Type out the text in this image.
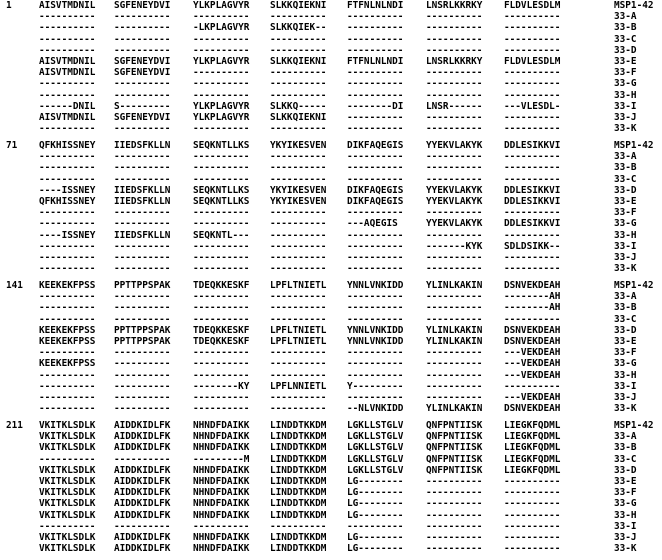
1	AISVTMDNIL SGFENEYDVI YLKPLAGVYR SLKKQIEKNI FTFNLNLNDI LNSRLKKRKY FLDVLESDLM	MSP1-42
---------- ---------- ---------- ---------- ---------- ---------- ----------	33-A
---------- ---------- -LKPLAGVYR SLKKQIEK-- ---------- ---------- ----------	33-B
---------- ---------- ---------- ---------- ---------- ---------- ----------	33-C
---------- ---------- ---------- ---------- ---------- ---------- ----------	33-D
AISVTMDNIL SGFENEYDVI YLKPLAGVYR SLKKQIEKNI FTFNLNLNDI LNSRLKKRKY FLDVLESDLM	33-E
AISVTMDNIL SGFENEYDVI ---------- ---------- ---------- ---------- ----------	33-F
---------- ---------- ---------- ---------- ---------- ---------- ----------	33-G
---------- ---------- ---------- ---------- ---------- ---------- ----------	33-H
------DNIL S--------- YLKPLAGVYR SLKKQ----- --------DI LNSR------ ---VLESDL-	33-I
AISVTMDNIL SGFENEYDVI YLKPLAGVYR SLKKQIEKNI ---------- ---------- ----------	33-J
---------- ---------- ---------- ---------- ---------- ---------- ----------	33-K
71 QFKHISSNEY IIEDSFKLLN SEQKNTLLKS YKYIKESVEN DIKFAQEGIS YYEKVLAKYK DDLESIKKVI	MSP1-42
---------- ---------- ---------- ---------- ---------- ---------- ----------	33-A
---------- ---------- ---------- ---------- ---------- ---------- ----------	33-B
---------- ---------- ---------- ---------- ---------- ---------- ----------	33-C
----ISSNEY IIEDSFKLLN SEQKNTLLKS YKYIKESVEN DIKFAQEGIS YYEKVLAKYK DDLESIKKVI	33-D
QFKHISSNEY IIEDSFKLLN SEQKNTLLKS YKYIKESVEN DIKFAQEGIS YYEKVLAKYK DDLESIKKVI	33-E
---------- ---------- ---------- ---------- ---------- ---------- ----------	33-F
---------- ---------- ---------- ---------- ---AQEGIS	YYEKVLAKYK DDLESIKKVI	33-G
----ISSNEY IIEDSFKLLN SEQKNTL--- ---------- ---------- ---------- ----------	33-H
---------- ---------- ---------- ---------- ---------- -------KYK SDLDSIKK--	33-I
---------- ---------- ---------- ---------- ---------- ---------- ----------	33-J
---------- ---------- ---------- ---------- ---------- ---------- ----------	33-K
141 KEEKEKFPSS PPTTPPSPAK TDEQKKESKF LPFLTNIETL YNNLVNKIDD YLINLKAKIN DSNVEKDEAH	MSP1-42
---------- ---------- ---------- ---------- ---------- ---------- --------AH	33-A
---------- ---------- ---------- ---------- ---------- ---------- --------AH	33-B
---------- ---------- ---------- ---------- ---------- ---------- ----------	33-C
KEEKEKFPSS PPTTPPSPAK TDEQKKESKF LPFLTNIETL YNNLVNKIDD YLINLKAKIN DSNVEKDEAH	33-D
KEEKEKFPSS PPTTPPSPAK TDEQKKESKF LPFLTNIETL YNNLVNKIDD YLINLKAKIN DSNVEKDEAH	33-E
---------- ---------- ---------- ---------- ---------- ---------- ---VEKDEAH	33-F
KEEKEKFPSS ---------- ---------- ---------- ---------- ---------- ---VEKDEAH	33-G
---------- ---------- ---------- ---------- ---------- ---------- ---VEKDEAH	33-H
---------- ---------- --------KY LPFLNNIETL Y--------- ---------- ----------	33-I
---------- ---------- ---------- ---------- ---------- ---------- ---VEKDEAH	33-J
---------- ---------- ---------- ---------- --NLVNKIDD YLINLKAKIN DSNVEKDEAH	33-K
211 VKITKLSDLK AIDDKIDLFK NHNDFDAIKK LINDDTKKDM LGKLLSTGLV QNFPNTIISK LIEGKFQDML	MSP1-42
VKITKLSDLK AIDDKIDLFK NHNDFDAIKK LINDDTKKDM LGKLLSTGLV QNFPNTIISK LIEGKFQDML	33-A
VKITKLSDLK AIDDKIDLFK NHNDFDAIKK LINDDTKKDM LGKLLSTGLV QNFPNTIISK LIEGKFQDML	33-B
---------- ---------- ---------M LINDDTKKDM LGKLLSTGLV QNFPNTIISK LIEGKFQDML	33-C
VKITKLSDLK AIDDKIDLFK NHNDFDAIKK LINDDTKKDM LGKLLSTGLV QNFPNTIISK LIEGKFQDML	33-D
VKITKLSDLK AIDDKIDLFK NHNDFDAIKK LINDDTKKDM LG-------- ---------- ----------	33-E
VKITKLSDLK AIDDKIDLFK NHNDFDAIKK LINDDTKKDM LG-------- ---------- ----------	33-F
VKITKLSDLK AIDDKIDLFK NHNDFDAIKK LINDDTKKDM LG-------- ---------- ----------	33-G
VKITKLSDLK AIDDKIDLFK NHNDFDAIKK LINDDTKKDM LG-------- ---------- ----------	33-H
---------- ---------- ---------- ---------- ---------- ---------- ----------	33-I
VKITKLSDLK AIDDKIDLFK NHNDFDAIKK LINDDTKKDM LG-------- ---------- ----------	33-J
VKITKLSDLK AIDDKIDLFK NHNDFDAIKK LINDDTKKDM LG-------- ---------- ----------	33-K
